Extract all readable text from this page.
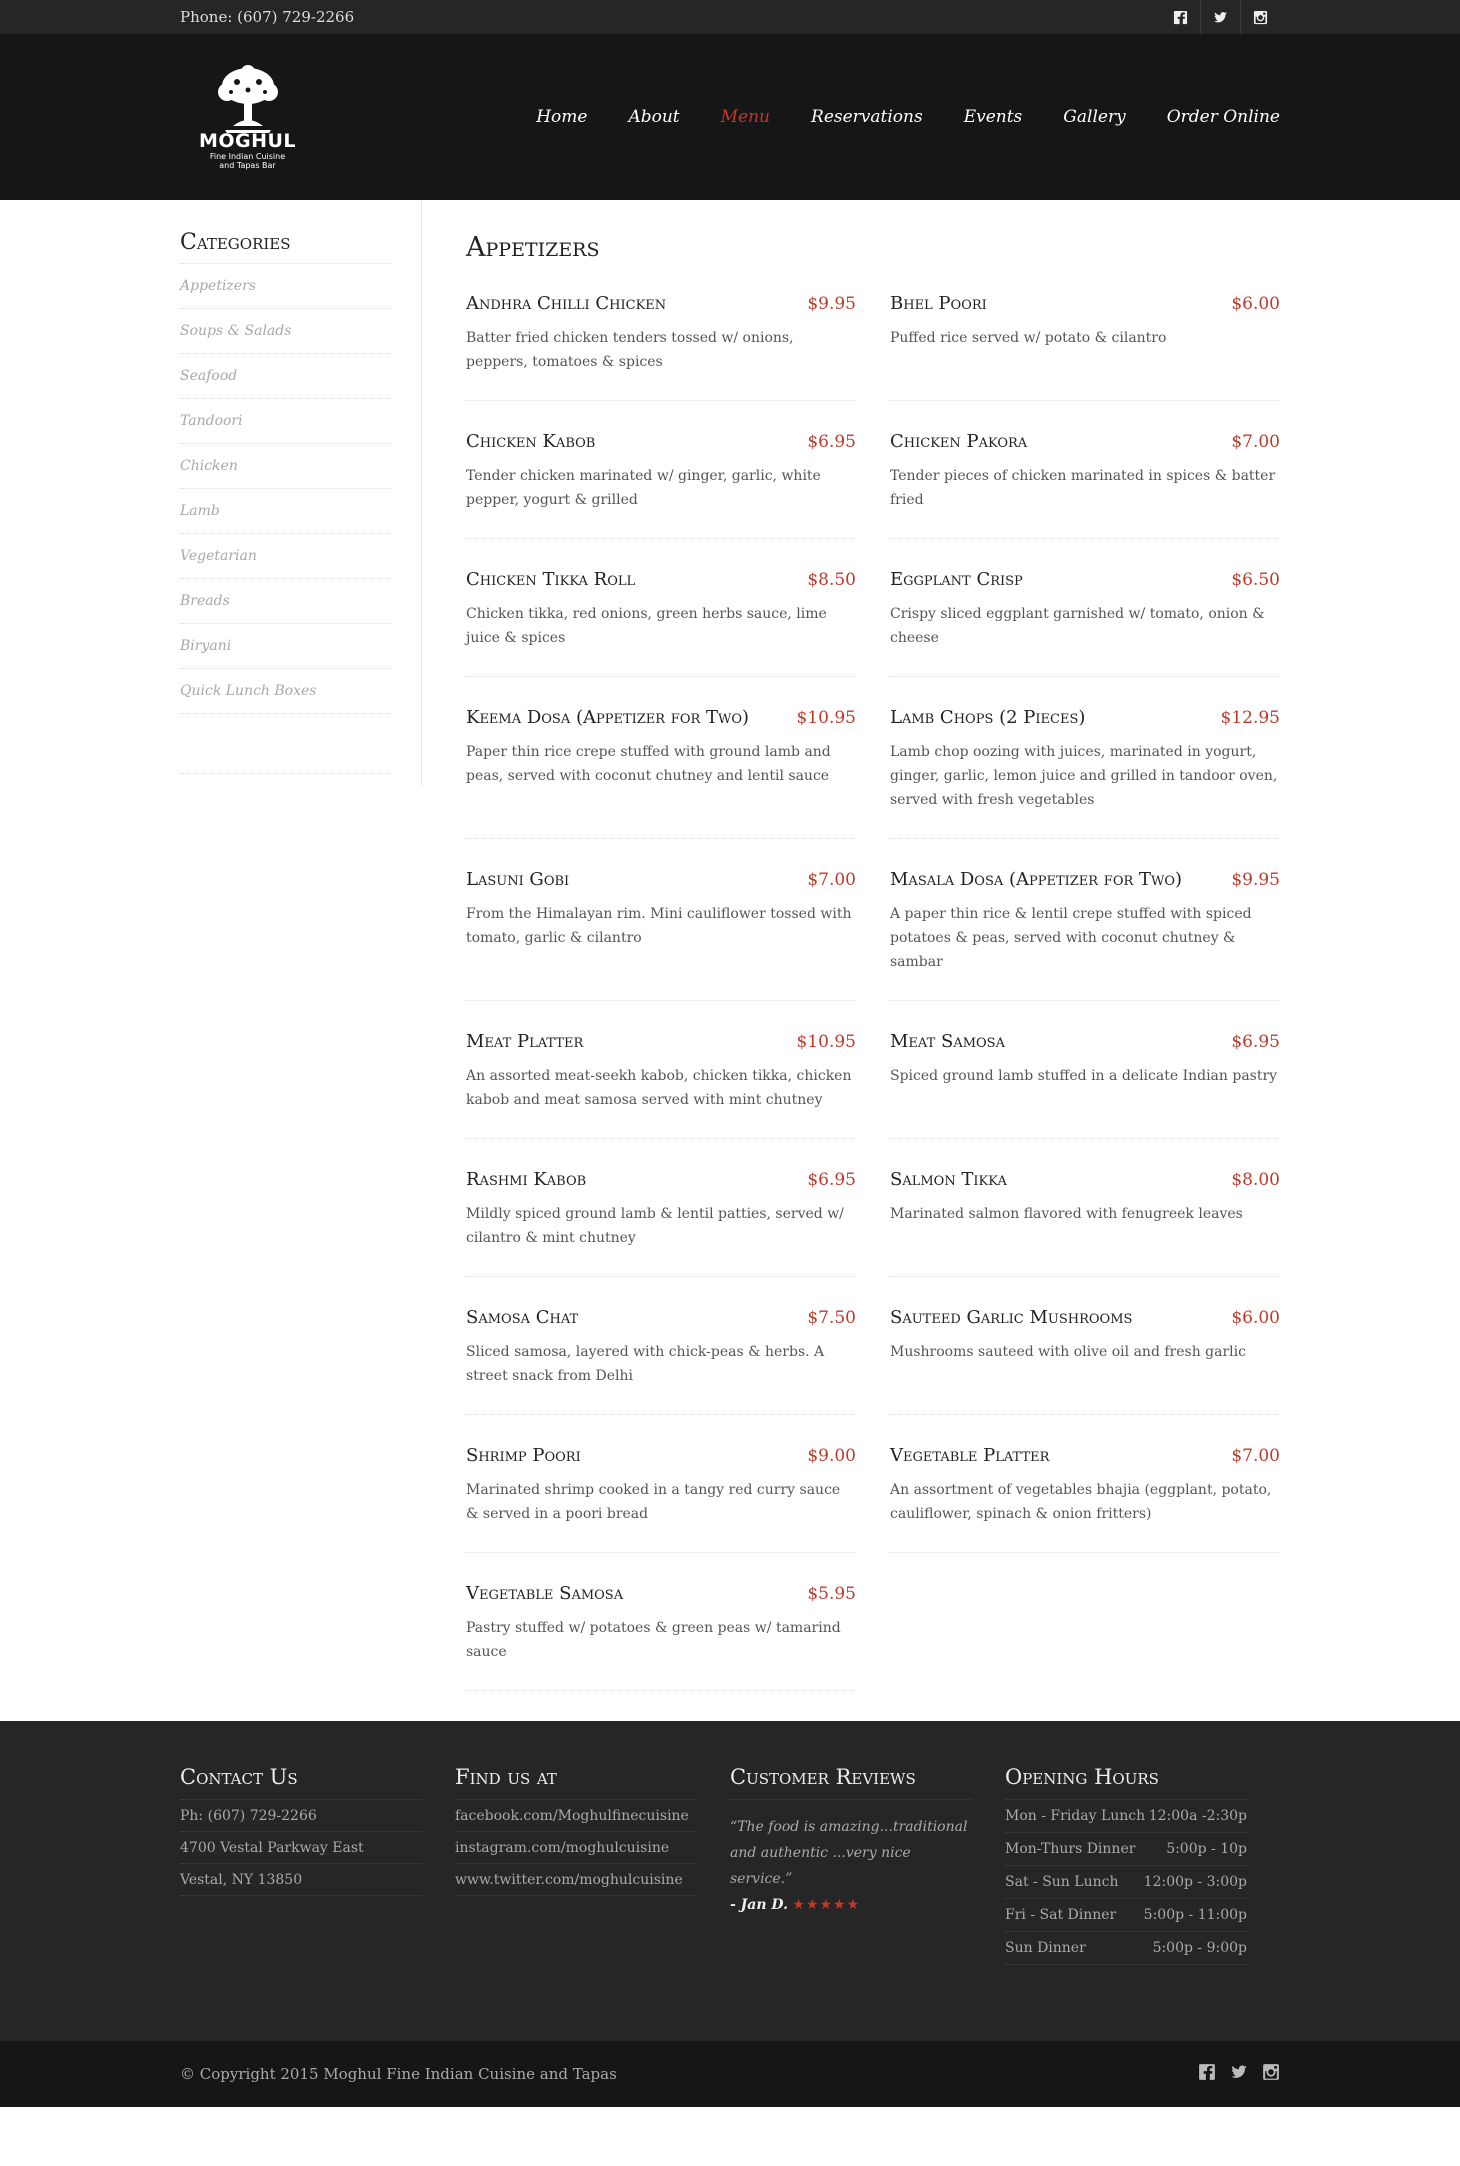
Phone: (607) 729-2266
MOGHUL
Fine Indian Cuisine
and Tapas Bar
Home About Menu Reservations Events Gallery Order Online
Categories
Appetizers
Soups & Salads
Seafood
Tandoori
Chicken
Lamb
Vegetarian
Breads
Biryani
Quick Lunch Boxes
Appetizers
Andhra Chilli Chicken	$9.95
Batter fried chicken tenders tossed w/ onions, peppers, tomatoes & spices
Bhel Poori	$6.00
Puffed rice served w/ potato & cilantro
Chicken Kabob	$6.95
Tender chicken marinated w/ ginger, garlic, white pepper, yogurt & grilled
Chicken Pakora	$7.00
Tender pieces of chicken marinated in spices & batter fried
Chicken Tikka Roll	$8.50
Chicken tikka, red onions, green herbs sauce, lime juice & spices
Eggplant Crisp	$6.50
Crispy sliced eggplant garnished w/ tomato, onion & cheese
Keema Dosa (Appetizer for Two)	$10.95
Paper thin rice crepe stuffed with ground lamb and peas, served with coconut chutney and lentil sauce
Lamb Chops (2 Pieces)	$12.95
Lamb chop oozing with juices, marinated in yogurt, ginger, garlic, lemon juice and grilled in tandoor oven, served with fresh vegetables
Lasuni Gobi	$7.00
From the Himalayan rim. Mini cauliflower tossed with tomato, garlic & cilantro
Masala Dosa (Appetizer for Two)	$9.95
A paper thin rice & lentil crepe stuffed with spiced potatoes & peas, served with coconut chutney & sambar
Meat Platter	$10.95
An assorted meat-seekh kabob, chicken tikka, chicken kabob and meat samosa served with mint chutney
Meat Samosa	$6.95
Spiced ground lamb stuffed in a delicate Indian pastry
Rashmi Kabob	$6.95
Mildly spiced ground lamb & lentil patties, served w/ cilantro & mint chutney
Salmon Tikka	$8.00
Marinated salmon flavored with fenugreek leaves
Samosa Chat	$7.50
Sliced samosa, layered with chick-peas & herbs. A street snack from Delhi
Sauteed Garlic Mushrooms	$6.00
Mushrooms sauteed with olive oil and fresh garlic
Shrimp Poori	$9.00
Marinated shrimp cooked in a tangy red curry sauce & served in a poori bread
Vegetable Platter	$7.00
An assortment of vegetables bhajia (eggplant, potato, cauliflower, spinach & onion fritters)
Vegetable Samosa	$5.95
Pastry stuffed w/ potatoes & green peas w/ tamarind sauce
Contact Us
Ph: (607) 729-2266
4700 Vestal Parkway East
Vestal, NY 13850
Find us at
facebook.com/Moghulfinecuisine
instagram.com/moghulcuisine
www.twitter.com/moghulcuisine
Customer Reviews
“The food is amazing...traditional and authentic ...very nice service.”
- Jan D. ★★★★★
Opening Hours
Mon - Friday Lunch 12:00a -2:30p
Mon-Thurs Dinner 5:00p - 10p
Sat - Sun Lunch 12:00p - 3:00p
Fri - Sat Dinner 5:00p - 11:00p
Sun Dinner	5:00p - 9:00p
© Copyright 2015 Moghul Fine Indian Cuisine and Tapas
